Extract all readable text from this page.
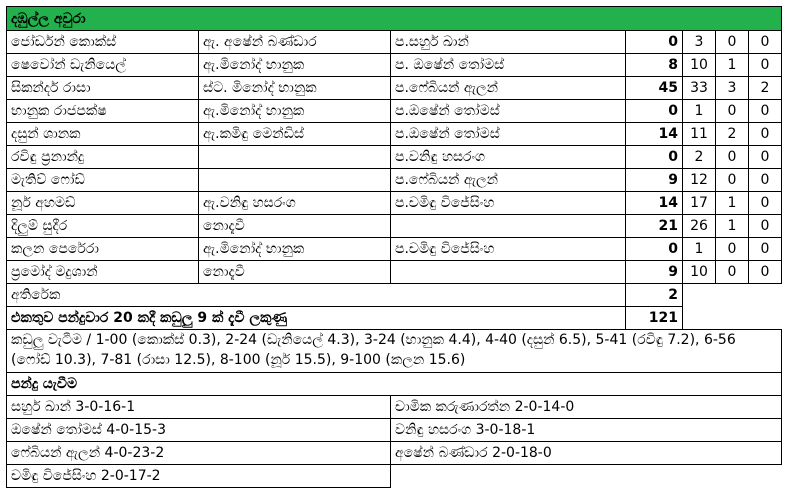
දඹුල්ල අවුරා						
ජෝර්ඩන් කොක්ස්	ඇ. අෂේන් බණ්ඩාර	ප.සහුර් ඛාන්	0	3	0	0
ෂෙවෝන් ඩැනියෙල්	ඇ.මිනෝද් භානුක	ප. ඔෂේන් තෝමස්	8	10	1	0
සිකන්දර් රාසා	ස්ට. මිනෝද් භානුක	ප.ෆේබියන් ඇලන්	45	33	3	2
භානුක රාජපක්ෂ	ඇ.මිනෝද් භානුක	ප.ඔෂේන් තෝමස්	0	1	0	0
දසුන් ශානක	ඇ.කමිඳු මෙන්ඩිස්	ප.ඔෂේන් තෝමස්	14	11	2	0
රවිඳු ප්‍රනාන්දු		ප.වනිඳු හසරංග	0	2	0	0
මැතිව් ෆෝඩ්		ප.ෆේබියන් ඇලන්	9	12	0	0
නූර් අහමඩ්	ඇ.වනිඳු හසරංග	ප.චමිඳු විජේසිංහ	14	17	1	0
දිලුම් සුදීර	නොදැවී		21	26	1	0
කලන පෙරේරා	ඇ.මිනෝද් භානුක	ප.චමිඳු විජේසිංහ	0	1	0	0
ප්‍රමෝද් මදුශාන්	නොදැවී		9	10	0	0
අතිරේක			2			
එකතුව පන්දුවාර 20 කදී කඩුලු 9 ක් දැවී ලකුණු			121			
කඩුලු වැටීම / 1-00 (කොක්ස් 0.3), 2-24 (ඩැනියෙල් 4.3), 3-24 (භානුක 4.4), 4-40 (දසුන් 6.5), 5-41 (රවිඳු 7.2), 6-56 (ෆෝඩ් 10.3), 7-81 (රාසා 12.5), 8-100 (නූර් 15.5), 9-100 (කලන 15.6)						
පන්දු යැවීම						
සහුර් ඛාන් 3-0-16-1		චාමික කරුණාරත්න 2-0-14-0				
ඔෂේන් තෝමස් 4-0-15-3		වනිඳු හසරංග 3-0-18-1				
ෆේබියන් ඇලන් 4-0-23-2		අෂේන් බණ්ඩාර 2-0-18-0				
චමිඳු විජේසිංහ 2-0-17-2						
